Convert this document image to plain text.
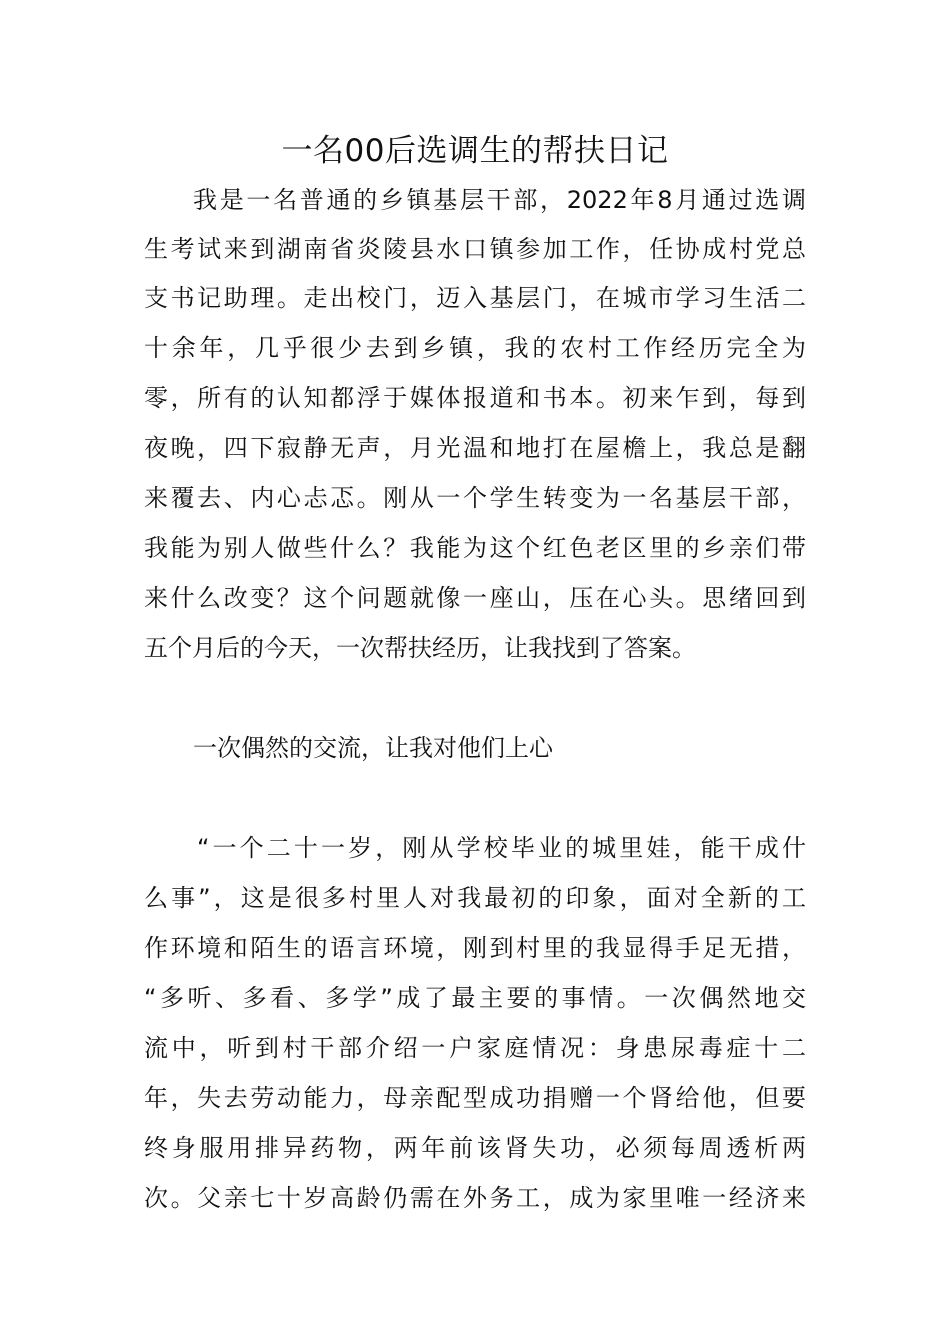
一名00后选调生的帮扶日记
我是一名普通的乡镇基层干部，2022年8月通过选调
生考试来到湖南省炎陵县水口镇参加工作，任协成村党总
支书记助理。走出校门，迈入基层门，在城市学习生活二
十余年，几乎很少去到乡镇，我的农村工作经历完全为
零，所有的认知都浮于媒体报道和书本。初来乍到，每到
夜晚，四下寂静无声，月光温和地打在屋檐上，我总是翻
来覆去、内心忐忑。刚从一个学生转变为一名基层干部，
我能为别人做些什么？我能为这个红色老区里的乡亲们带
来什么改变？这个问题就像一座山，压在心头。思绪回到
五个月后的今天，一次帮扶经历，让我找到了答案。
一次偶然的交流，让我对他们上心
“一个二十一岁，刚从学校毕业的城里娃，能干成什
么事”，这是很多村里人对我最初的印象，面对全新的工
作环境和陌生的语言环境，刚到村里的我显得手足无措，
“多听、多看、多学”成了最主要的事情。一次偶然地交
流中，听到村干部介绍一户家庭情况：身患尿毒症十二
年，失去劳动能力，母亲配型成功捐赠一个肾给他，但要
终身服用排异药物，两年前该肾失功，必须每周透析两
次。父亲七十岁高龄仍需在外务工，成为家里唯一经济来
